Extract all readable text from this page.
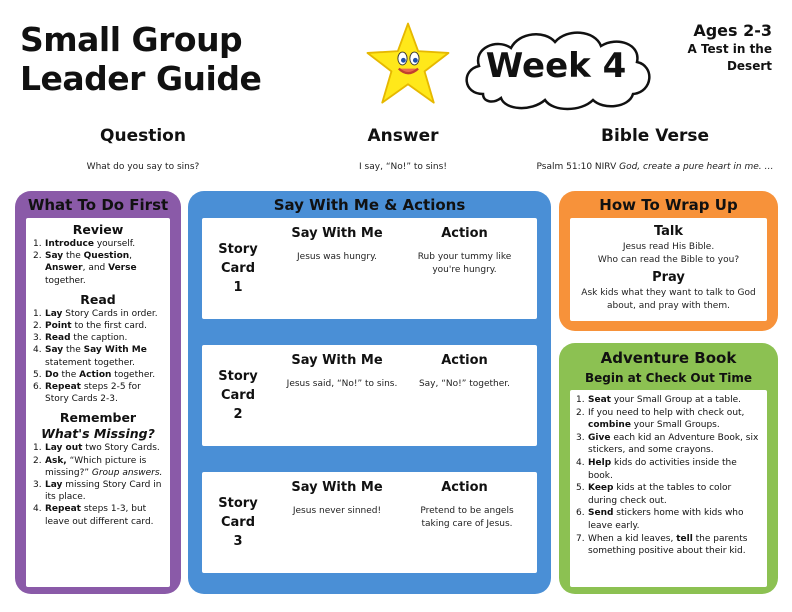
Small Group
Leader Guide	Week 4
Ages 2-3
A Test in the
Desert
Question	Answer	Bible Verse
What do you say to sins?	I say, “No!” to sins!	Psalm 51:10 NIRV God, create a pure heart in me. …
What To Do First
Review
1. Introduce yourself.
2. Say the Question, Answer, and Verse together.
Read
1. Lay Story Cards in order.
2. Point to the first card.
3. Read the caption.
4. Say the Say With Me statement together.
5. Do the Action together.
6. Repeat steps 2-5 for Story Cards 2-3.
Remember
What's Missing?
1. Lay out two Story Cards.
2. Ask, “Which picture is missing?” Group answers.
3. Lay missing Story Card in its place.
4. Repeat steps 1-3, but leave out different card.
Say With Me & Actions
Story
Card
1
Say With Me	Action
Jesus was hungry.	Rub your tummy like you're hungry.
Story
Card
2
Say With Me	Action
Jesus said, “No!” to sins.	Say, “No!” together.
Story
Card
3
Say With Me	Action
Jesus never sinned!	Pretend to be angels taking care of Jesus.
How To Wrap Up
Talk
Jesus read His Bible.
Who can read the Bible to you?
Pray
Ask kids what they want to talk to God
about, and pray with them.
Adventure Book
Begin at Check Out Time
1. Seat your Small Group at a table.
2. If you need to help with check out, combine your Small Groups.
3. Give each kid an Adventure Book, six stickers, and some crayons.
4. Help kids do activities inside the book.
5. Keep kids at the tables to color during check out.
6. Send stickers home with kids who leave early.
7. When a kid leaves, tell the parents something positive about their kid.
